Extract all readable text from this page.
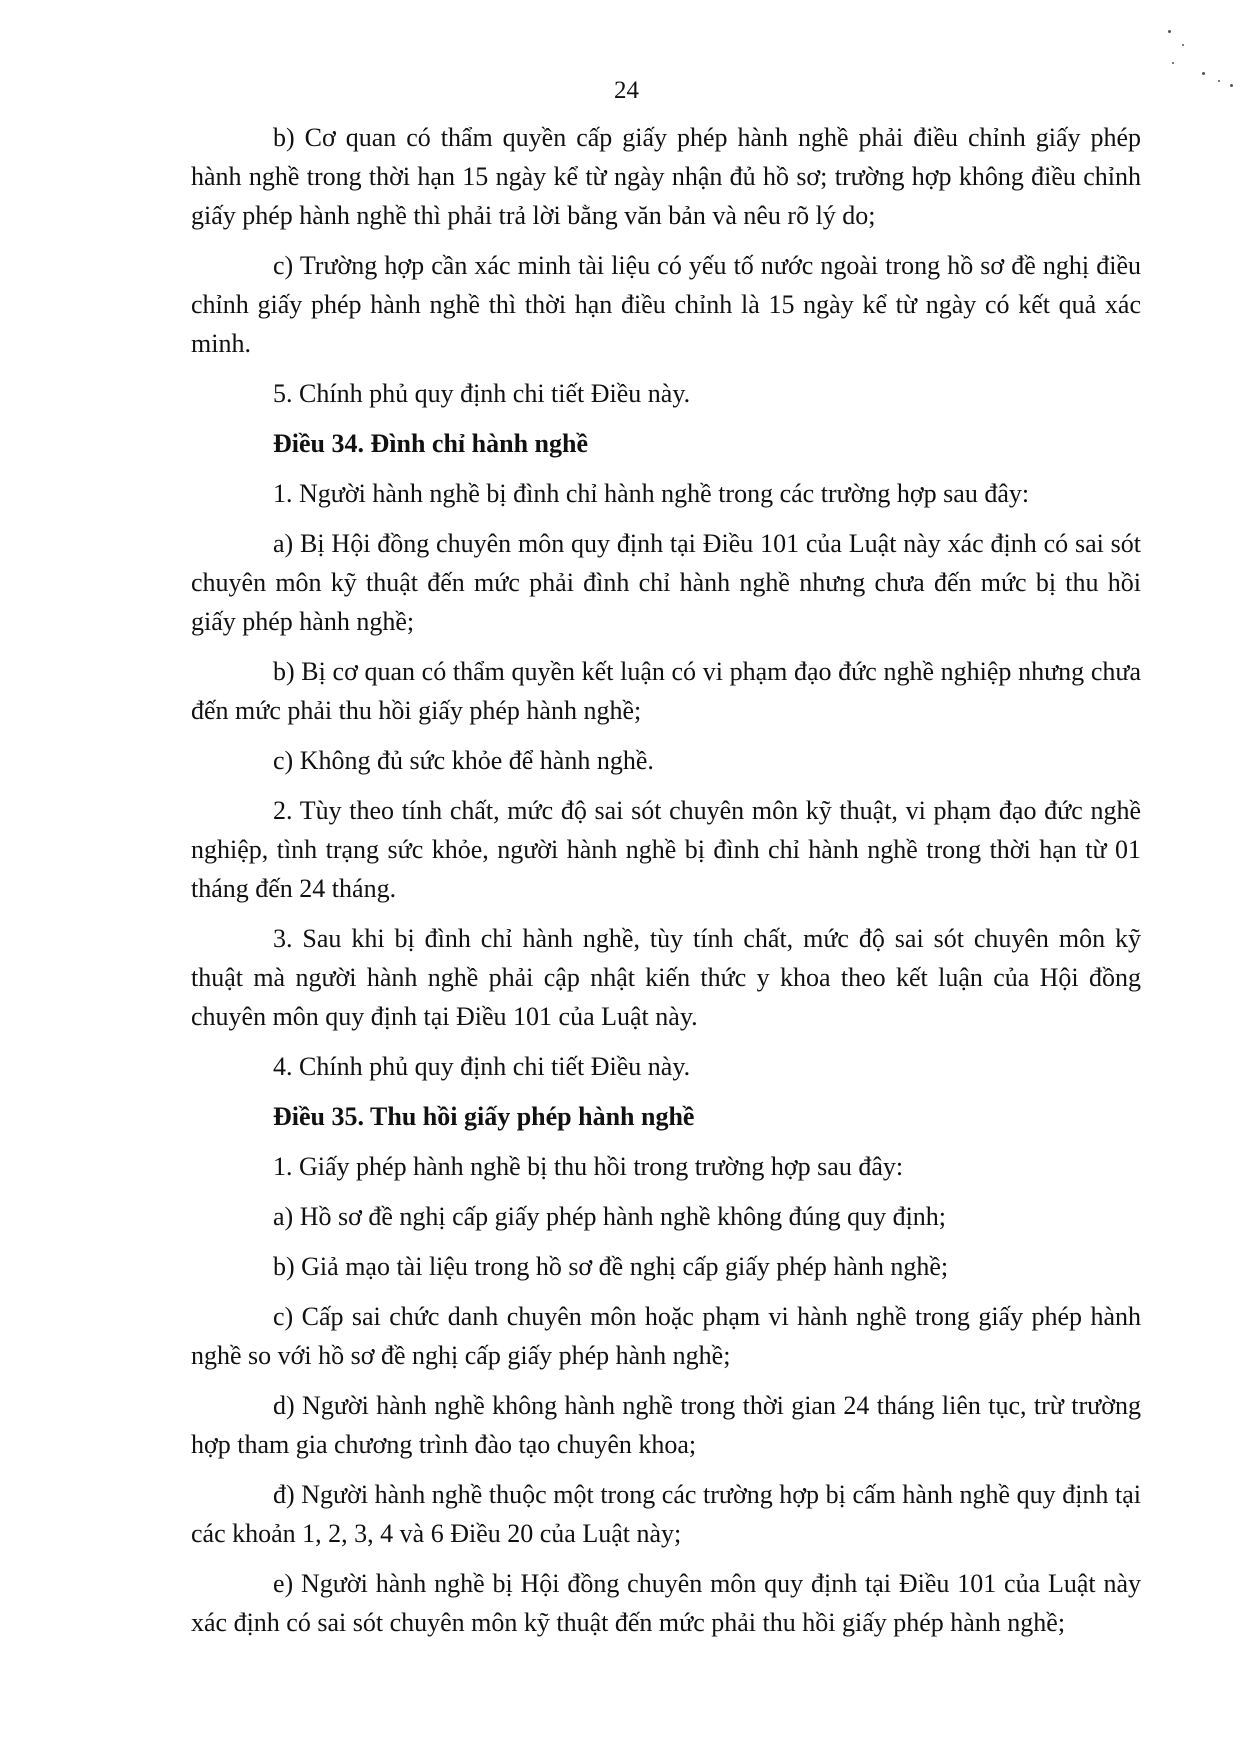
24

b) Cơ quan có thẩm quyền cấp giấy phép hành nghề phải điều chỉnh giấy phép hành nghề trong thời hạn 15 ngày kể từ ngày nhận đủ hồ sơ; trường hợp không điều chỉnh giấy phép hành nghề thì phải trả lời bằng văn bản và nêu rõ lý do;

c) Trường hợp cần xác minh tài liệu có yếu tố nước ngoài trong hồ sơ đề nghị điều chỉnh giấy phép hành nghề thì thời hạn điều chỉnh là 15 ngày kể từ ngày có kết quả xác minh.

5. Chính phủ quy định chi tiết Điều này.

Điều 34. Đình chỉ hành nghề

1. Người hành nghề bị đình chỉ hành nghề trong các trường hợp sau đây:

a) Bị Hội đồng chuyên môn quy định tại Điều 101 của Luật này xác định có sai sót chuyên môn kỹ thuật đến mức phải đình chỉ hành nghề nhưng chưa đến mức bị thu hồi giấy phép hành nghề;

b) Bị cơ quan có thẩm quyền kết luận có vi phạm đạo đức nghề nghiệp nhưng chưa đến mức phải thu hồi giấy phép hành nghề;

c) Không đủ sức khỏe để hành nghề.

2. Tùy theo tính chất, mức độ sai sót chuyên môn kỹ thuật, vi phạm đạo đức nghề nghiệp, tình trạng sức khỏe, người hành nghề bị đình chỉ hành nghề trong thời hạn từ 01 tháng đến 24 tháng.

3. Sau khi bị đình chỉ hành nghề, tùy tính chất, mức độ sai sót chuyên môn kỹ thuật mà người hành nghề phải cập nhật kiến thức y khoa theo kết luận của Hội đồng chuyên môn quy định tại Điều 101 của Luật này.

4. Chính phủ quy định chi tiết Điều này.

Điều 35. Thu hồi giấy phép hành nghề

1. Giấy phép hành nghề bị thu hồi trong trường hợp sau đây:

a) Hồ sơ đề nghị cấp giấy phép hành nghề không đúng quy định;

b) Giả mạo tài liệu trong hồ sơ đề nghị cấp giấy phép hành nghề;

c) Cấp sai chức danh chuyên môn hoặc phạm vi hành nghề trong giấy phép hành nghề so với hồ sơ đề nghị cấp giấy phép hành nghề;

d) Người hành nghề không hành nghề trong thời gian 24 tháng liên tục, trừ trường hợp tham gia chương trình đào tạo chuyên khoa;

đ) Người hành nghề thuộc một trong các trường hợp bị cấm hành nghề quy định tại các khoản 1, 2, 3, 4 và 6 Điều 20 của Luật này;

e) Người hành nghề bị Hội đồng chuyên môn quy định tại Điều 101 của Luật này xác định có sai sót chuyên môn kỹ thuật đến mức phải thu hồi giấy phép hành nghề;
